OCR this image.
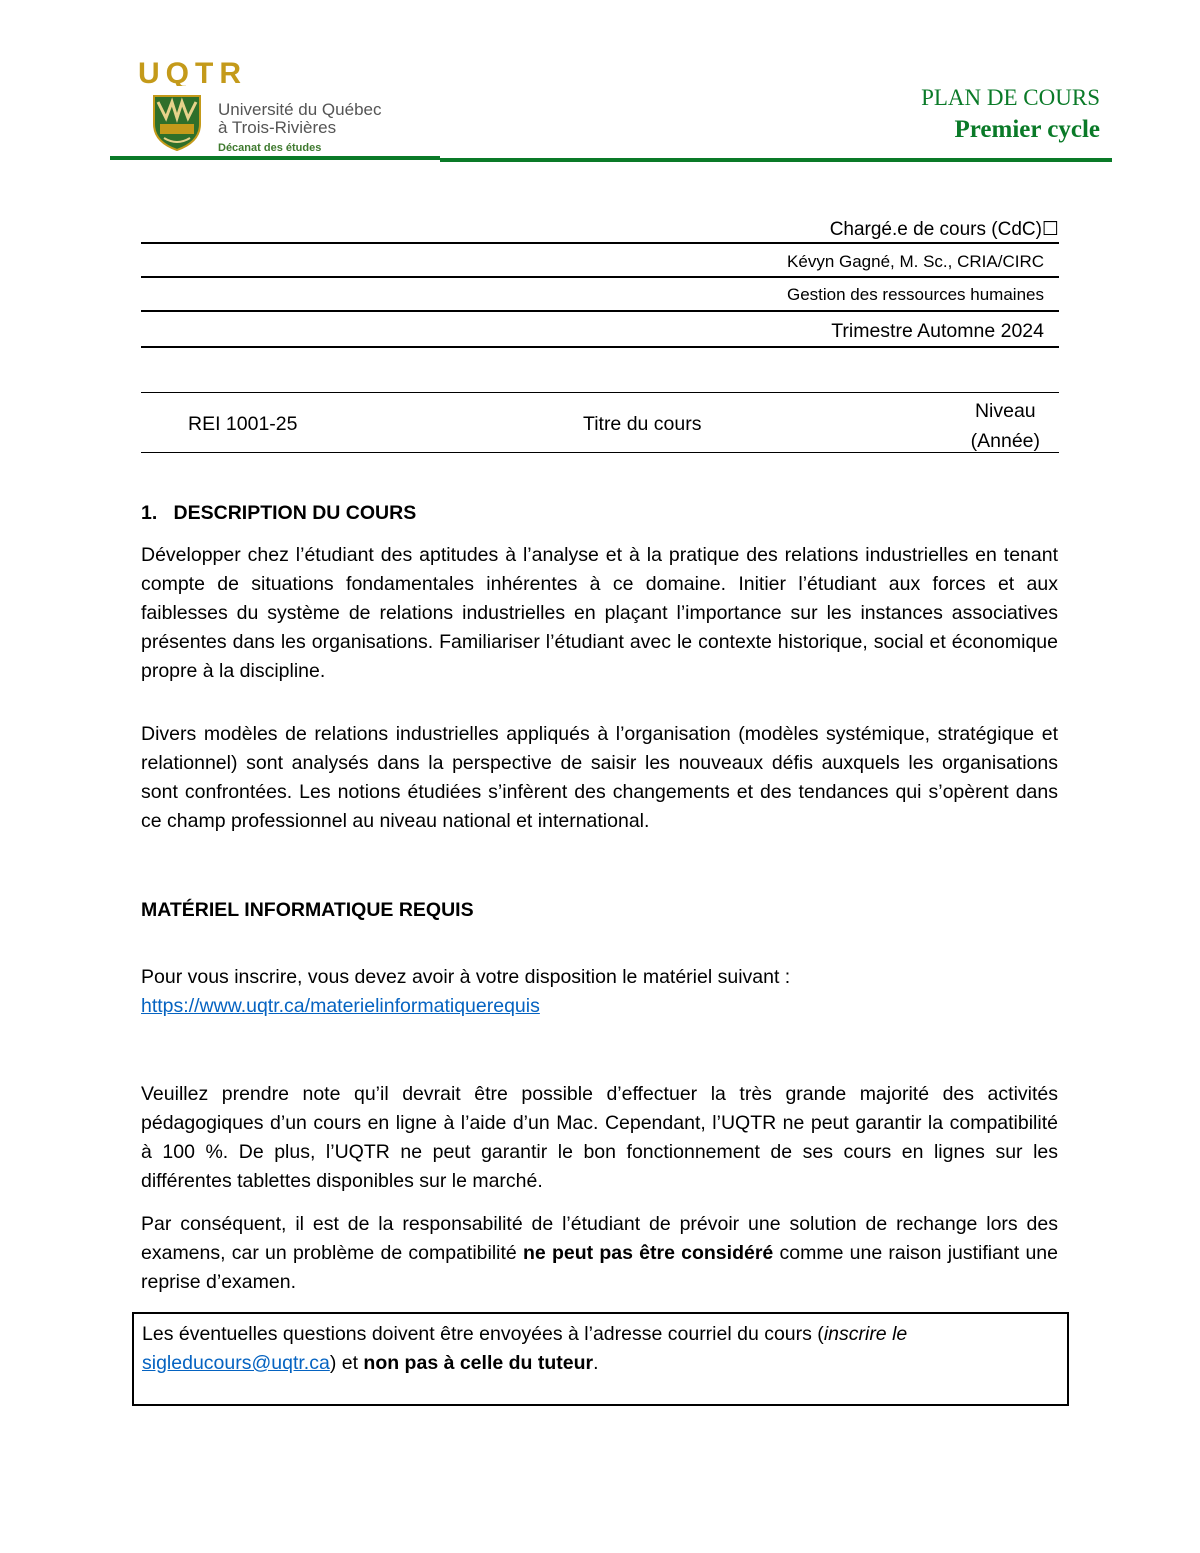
UQTR
Université du Québec
à Trois-Rivières
Décanat des études
PLAN DE COURS
Premier cycle
Chargé.e de cours (CdC)☐
Kévyn Gagné, M. Sc., CRIA/CIRC
Gestion des ressources humaines
Trimestre Automne 2024
REI 1001-25	Titre du cours
Niveau
(Année)
1.   DESCRIPTION DU COURS
Développer chez l’étudiant des aptitudes à l’analyse et à la pratique des relations industrielles en tenant compte de situations fondamentales inhérentes à ce domaine. Initier l’étudiant aux forces et aux faiblesses du système de relations industrielles en plaçant l’importance sur les instances associatives présentes dans les organisations. Familiariser l’étudiant avec le contexte historique, social et économique propre à la discipline.
Divers modèles de relations industrielles appliqués à l’organisation (modèles systémique, stratégique et relationnel) sont analysés dans la perspective de saisir les nouveaux défis auxquels les organisations sont confrontées. Les notions étudiées s’infèrent des changements et des tendances qui s’opèrent dans ce champ professionnel au niveau national et international.
MATÉRIEL INFORMATIQUE REQUIS
Pour vous inscrire, vous devez avoir à votre disposition le matériel suivant :
https://www.uqtr.ca/materielinformatiquerequis
Veuillez prendre note qu’il devrait être possible d’effectuer la très grande majorité des activités pédagogiques d’un cours en ligne à l’aide d’un Mac. Cependant, l’UQTR ne peut garantir la compatibilité à 100 %. De plus, l’UQTR ne peut garantir le bon fonctionnement de ses cours en lignes sur les différentes tablettes disponibles sur le marché.
Par conséquent, il est de la responsabilité de l’étudiant de prévoir une solution de rechange lors des examens, car un problème de compatibilité ne peut pas être considéré comme une raison justifiant une reprise d’examen.
Les éventuelles questions doivent être envoyées à l’adresse courriel du cours (inscrire le
sigleducours@uqtr.ca) et non pas à celle du tuteur.
